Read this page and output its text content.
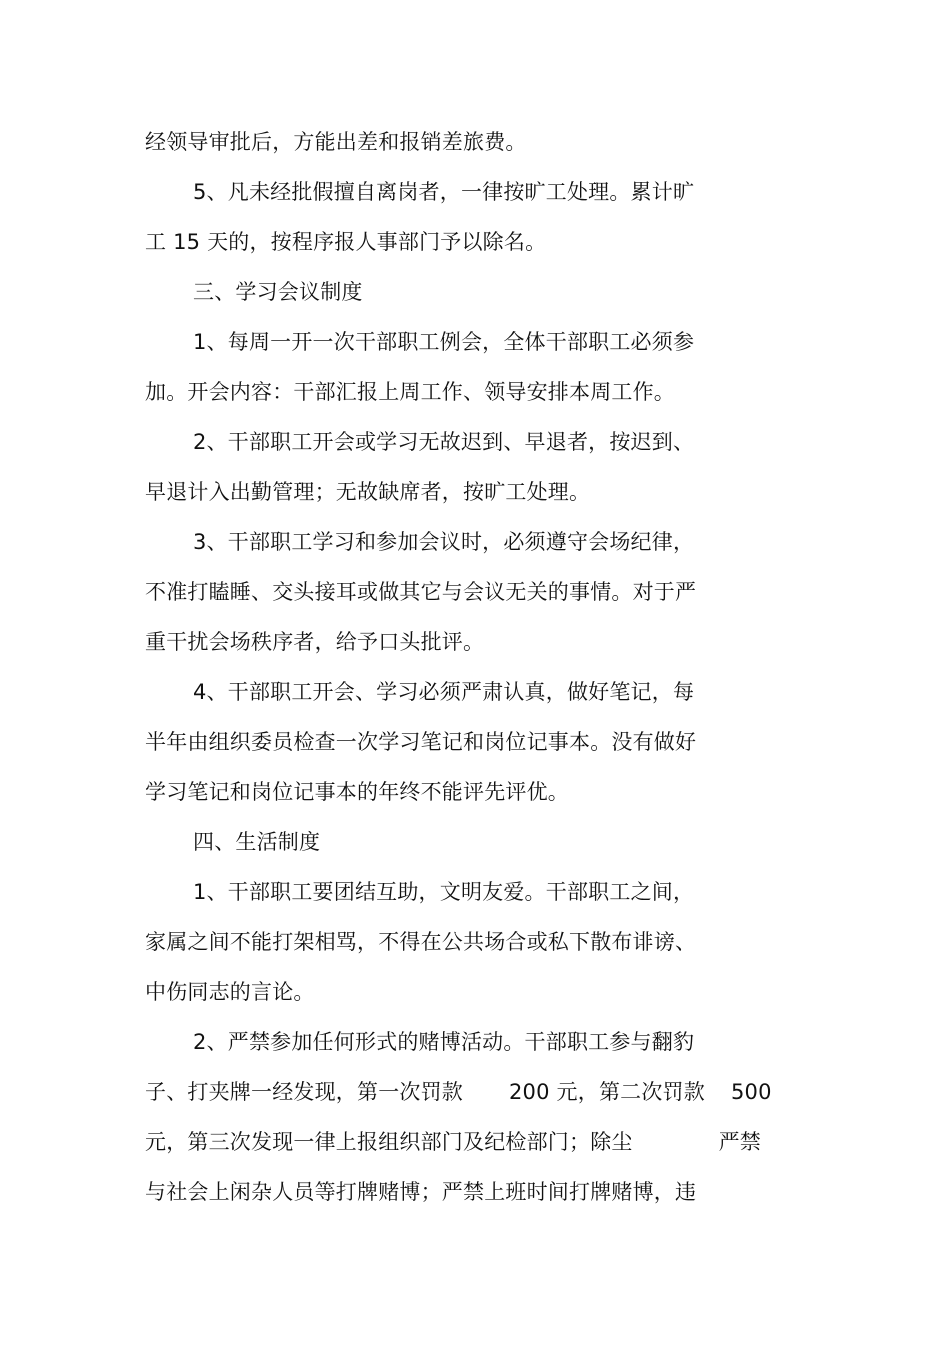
经领导审批后，方能出差和报销差旅费。

5、凡未经批假擅自离岗者，一律按旷工处理。累计旷

工 15 天的，按程序报人事部门予以除名。

三、学习会议制度

1、每周一开一次干部职工例会，全体干部职工必须参

加。开会内容：干部汇报上周工作、领导安排本周工作。

2、干部职工开会或学习无故迟到、早退者，按迟到、

早退计入出勤管理；无故缺席者，按旷工处理。

3、干部职工学习和参加会议时，必须遵守会场纪律，

不准打瞌睡、交头接耳或做其它与会议无关的事情。对于严

重干扰会场秩序者，给予口头批评。

4、干部职工开会、学习必须严肃认真，做好笔记，每

半年由组织委员检查一次学习笔记和岗位记事本。没有做好

学习笔记和岗位记事本的年终不能评先评优。

四、生活制度

1、干部职工要团结互助，文明友爱。干部职工之间，

家属之间不能打架相骂，不得在公共场合或私下散布诽谤、

中伤同志的言论。

2、严禁参加任何形式的赌博活动。干部职工参与翻豹

子、打夹牌一经发现，第一次罚款 200 元，第二次罚款 500

元，第三次发现一律上报组织部门及纪检部门；除尘	严禁

与社会上闲杂人员等打牌赌博；严禁上班时间打牌赌博，违
